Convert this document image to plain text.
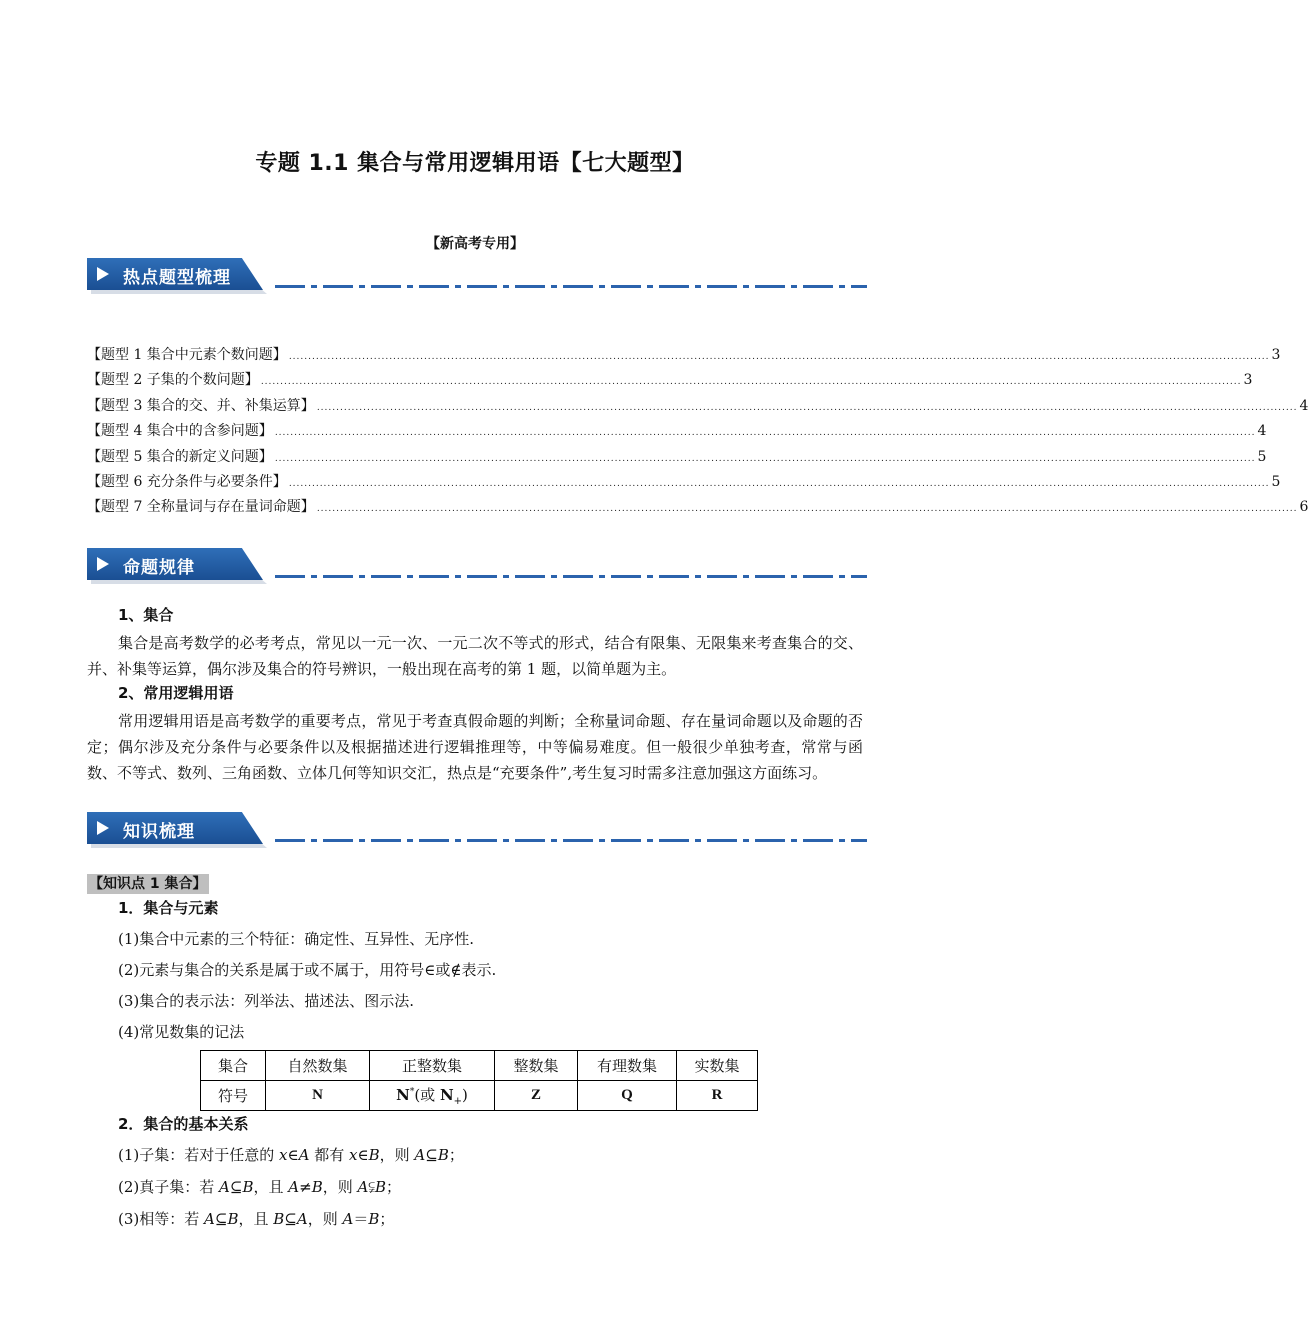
专题 1.1 集合与常用逻辑用语【七大题型】
【新高考专用】
热点题型梳理
【题型 1 集合中元素个数问题】 .............................................................................................................................................................................................................................................................. 3
【题型 2 子集的个数问题】 .............................................................................................................................................................................................................................................................. 3
【题型 3 集合的交、并、补集运算】 .............................................................................................................................................................................................................................................................. 4
【题型 4 集合中的含参问题】 .............................................................................................................................................................................................................................................................. 4
【题型 5 集合的新定义问题】 .............................................................................................................................................................................................................................................................. 5
【题型 6 充分条件与必要条件】 .............................................................................................................................................................................................................................................................. 5
【题型 7 全称量词与存在量词命题】 .............................................................................................................................................................................................................................................................. 6
命题规律
1、集合
集合是高考数学的必考考点，常见以一元一次、一元二次不等式的形式，结合有限集、无限集来考查集合的交、并、补集等运算，偶尔涉及集合的符号辨识，一般出现在高考的第 1 题，以简单题为主。
2、常用逻辑用语
常用逻辑用语是高考数学的重要考点，常见于考查真假命题的判断；全称量词命题、存在量词命题以及命题的否定；偶尔涉及充分条件与必要条件以及根据描述进行逻辑推理等，中等偏易难度。但一般很少单独考查，常常与函数、不等式、数列、三角函数、立体几何等知识交汇，热点是“充要条件”,考生复习时需多注意加强这方面练习。
知识梳理
【知识点 1 集合】
1．集合与元素
(1)集合中元素的三个特征：确定性、互异性、无序性.
(2)元素与集合的关系是属于或不属于，用符号∈或∉表示.
(3)集合的表示法：列举法、描述法、图示法.
(4)常见数集的记法
集合	自然数集	正整数集	整数集	有理数集	实数集
符号	N	N*(或 $N_+$)	Z	Q	R
2．集合的基本关系
(1)子集：若对于任意的 x∈A 都有 x∈B，则 A⊆B；
(2)真子集：若 A⊆B，且 A≠B，则 A⫋B；
(3)相等：若 A⊆B，且 B⊆A，则 A＝B；
